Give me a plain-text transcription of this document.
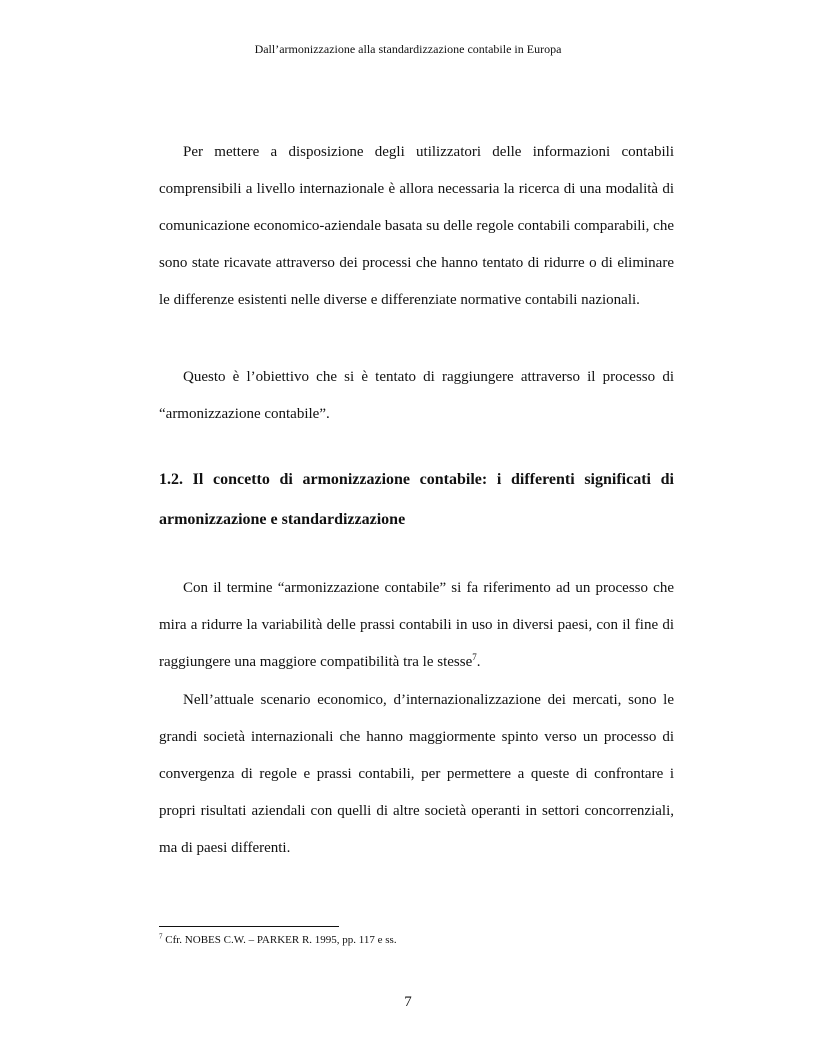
Dall’armonizzazione alla standardizzazione contabile in Europa

Per mettere a disposizione degli utilizzatori delle informazioni contabili comprensibili a livello internazionale è allora necessaria la ricerca di una modalità di comunicazione economico-aziendale basata su delle regole contabili comparabili, che sono state ricavate attraverso dei processi che hanno tentato di ridurre o di eliminare le differenze esistenti nelle diverse e differenziate normative contabili nazionali.

Questo è l’obiettivo che si è tentato di raggiungere attraverso il processo di “armonizzazione contabile”.

1.2. Il concetto di armonizzazione contabile: i differenti significati di armonizzazione e standardizzazione

Con il termine “armonizzazione contabile” si fa riferimento ad un processo che mira a ridurre la variabilità delle prassi contabili in uso in diversi paesi, con il fine di raggiungere una maggiore compatibilità tra le stesse$^7$.

Nell’attuale scenario economico, d’internazionalizzazione dei mercati, sono le grandi società internazionali che hanno maggiormente spinto verso un processo di convergenza di regole e prassi contabili, per permettere a queste di confrontare i propri risultati aziendali con quelli di altre società operanti in settori concorrenziali, ma di paesi differenti.

$^7$ Cfr. NOBES C.W. – PARKER R. 1995, pp. 117 e ss.

7
